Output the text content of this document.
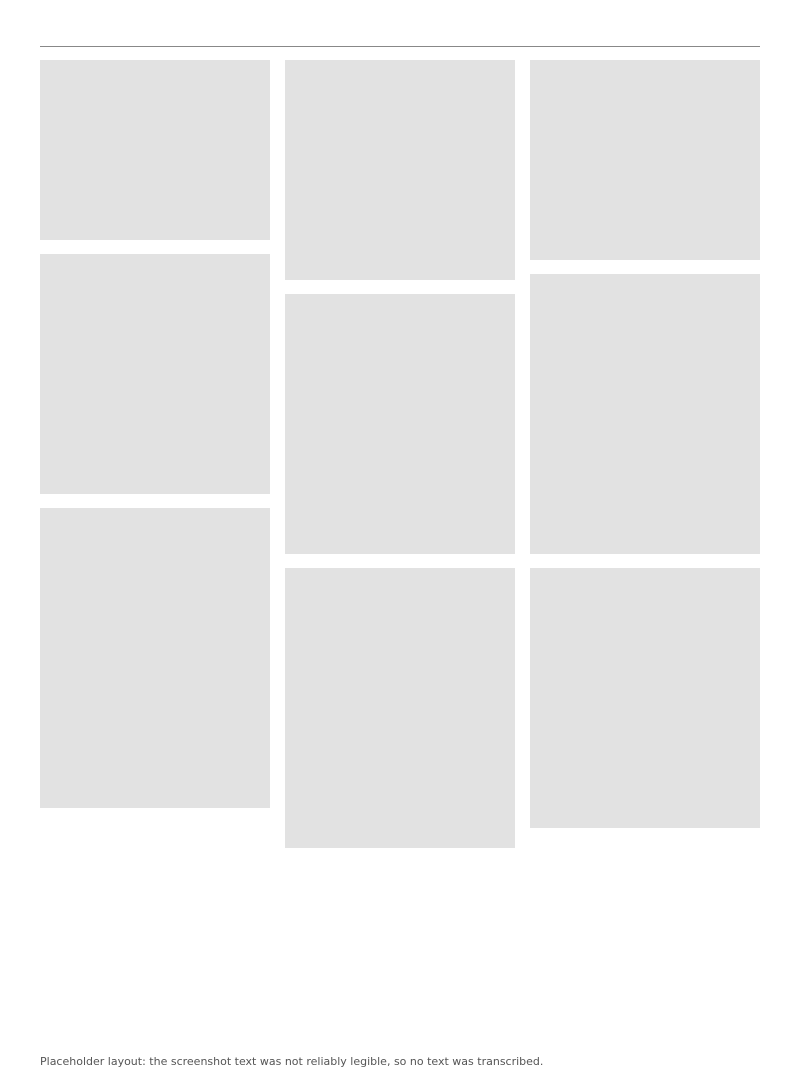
Placeholder layout: the screenshot text was not reliably legible, so no text was transcribed.
